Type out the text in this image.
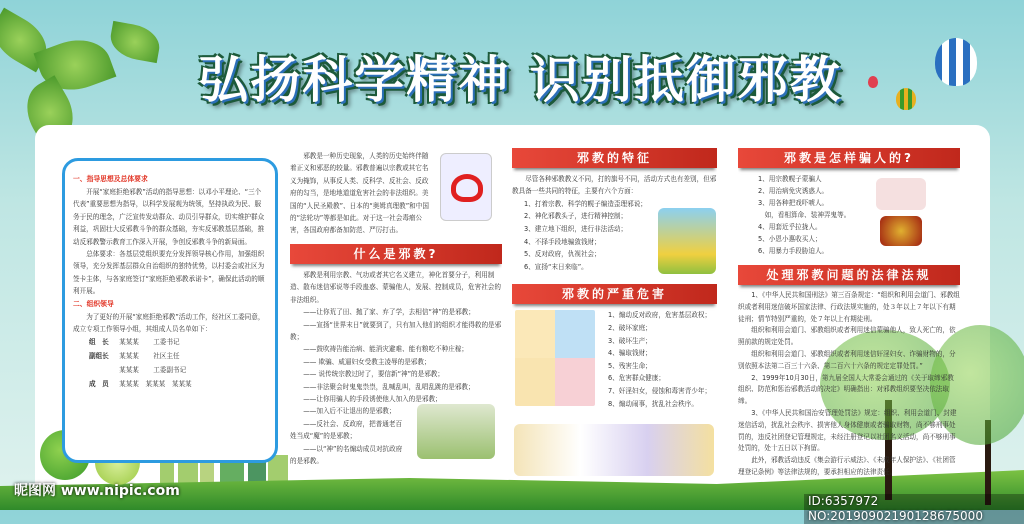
弘扬科学精神 识别抵御邪教
一、指导思想及总体要求

开展“家庭拒绝邪教”活动的指导思想：以邓小平理论、“三个代表”重要思想为指导，以科学发展观为统领，坚持执政为民、服务于民的理念，广泛宣传发动群众、动员引导群众，切实维护群众利益，巩固壮大反邪教斗争的群众基础，夯实反邪教基层基础，推动反邪教警示教育工作深入开展，争创反邪教斗争的新局面。

总体要求：各基层党组织要充分发挥领导核心作用，加强组织领导，充分发挥基层群众自治组织的独特优势，以村委会或社区为签卡主体，与各家庭签订“家庭拒绝邪教承诺卡”，确保此活动的顺利开展。

二、组织领导

为了更好的开展“家庭拒绝邪教”活动工作，经社区工委同意，成立专项工作领导小组，其组成人员名单如下：

组　长 某某某 工委书记
副组长 某某某 社区主任
某某某 工委副书记
成　员 某某某　某某某　某某某

邪教是一种历史现象，人类的历史始终伴随着正义和邪恶的较量。邪教普遍以宗教或其它名义为掩饰，从事反人类、反科学、反社会、反政府的勾当，是地地道道危害社会的非法组织。美国的“人民圣殿教”、日本的“奥姆真理教”和中国的“法轮功”等都是如此。对于这一社会毒瘤公害，各国政府都备加防范、严厉打击。

什么是邪教?

邪教是利用宗教、气功或者其它名义建立，神化首要分子，利用制造、散布迷信邪说等手段蛊惑、蒙骗他人，发展、控制成员，危害社会的非法组织。

——让你荒了田、抛了家、弃了学，去相信“神”的是邪教；

——宣扬“世界末日”就要到了，只有加入他们的组织才能得救的是邪教；

——鼓吹祷告能治病、能消灾避难、能有粮吃不种庄稼；

—— 欺骗、威逼妇女受教主凌辱的是邪教；

—— 说传统宗教过时了，要信新“神”的是邪教；

——非法聚会时鬼鬼祟祟，乱喊乱叫，乱唱乱跳的是邪教；

——让你用骗人的手段诱使他人加入的是邪教；

——加入后不让退出的是邪教；

——反社会、反政府，把普通老百姓当成“魔”的是邪教；

——以“神”的名煽动成员对抗政府的是邪教。

邪教的特征

尽管各种邪教教义不同，打的旗号不同，活动方式也有差别，但邪教具备一些共同的特征，主要有六个方面：

1、打着宗教、科学的幌子编造歪理邪说；
2、神化邪教头子，进行精神控制；
3、建立地下组织，进行非法活动；
4、不择手段地骗敛钱财；
5、反对政府，仇视社会；
6、宣扬“末日来临”。
邪教的严重危害
1、煽动反对政府，危害基层政权；
2、破坏家庭；
3、破坏生产；
4、骗取钱财；
5、残害生命；
6、危害群众健康；
7、奸淫妇女，侵蚀和毒害青少年；
8、煽动闹事，扰乱社会秩序。
邪教是怎样骗人的?
1、用宗教幌子蒙骗人
2、用治病免灾诱惑人。
3、用各种把戏吓唬人。
　如，看相算命、装神弄鬼等。
4、用套近乎拉拢人。
5、小恩小惠收买人；
6、用暴力手段胁迫人。
处理邪教问题的法律法规

1、《中华人民共和国刑法》第三百条规定：“组织和利用会道门、邪教组织或者利用迷信破坏国家法律、行政法规实施的，处３年以上７年以下有期徒刑；情节特别严重的，处７年以上有期徒刑。

组织和利用会道门、邪教组织或者利用迷信蒙骗他人，致人死亡的，依照前款的规定处罚。

组织和利用会道门、邪教组织或者利用迷信奸淫妇女、诈骗财物的，分别依照本法第二百三十六条、第二百六十六条的规定定罪处罚。”

2、1999年10月30日，第九届全国人大常委会通过的《关于取缔邪教组织、防范和惩治邪教活动的决定》明确指出：对邪教组织要坚决依法取缔。

3、《中华人民共和国治安管理处罚法》规定：组织、利用会道门、封建迷信活动，扰乱社会秩序、损害他人身体健康或者骗取财物，尚不够刑事处罚的，违反社团登记管理规定，未经注册登记以社团名义活动，尚不够刑事处罚的，处十五日以下拘留。

此外，邪教活动违反《集会游行示威法》、《未成年人保护法》、《社团管理登记条例》等法律法规的，要承担相应的法律责任。

昵图网 www.nipic.com
ID:6357972 NO:20190902190128675000
